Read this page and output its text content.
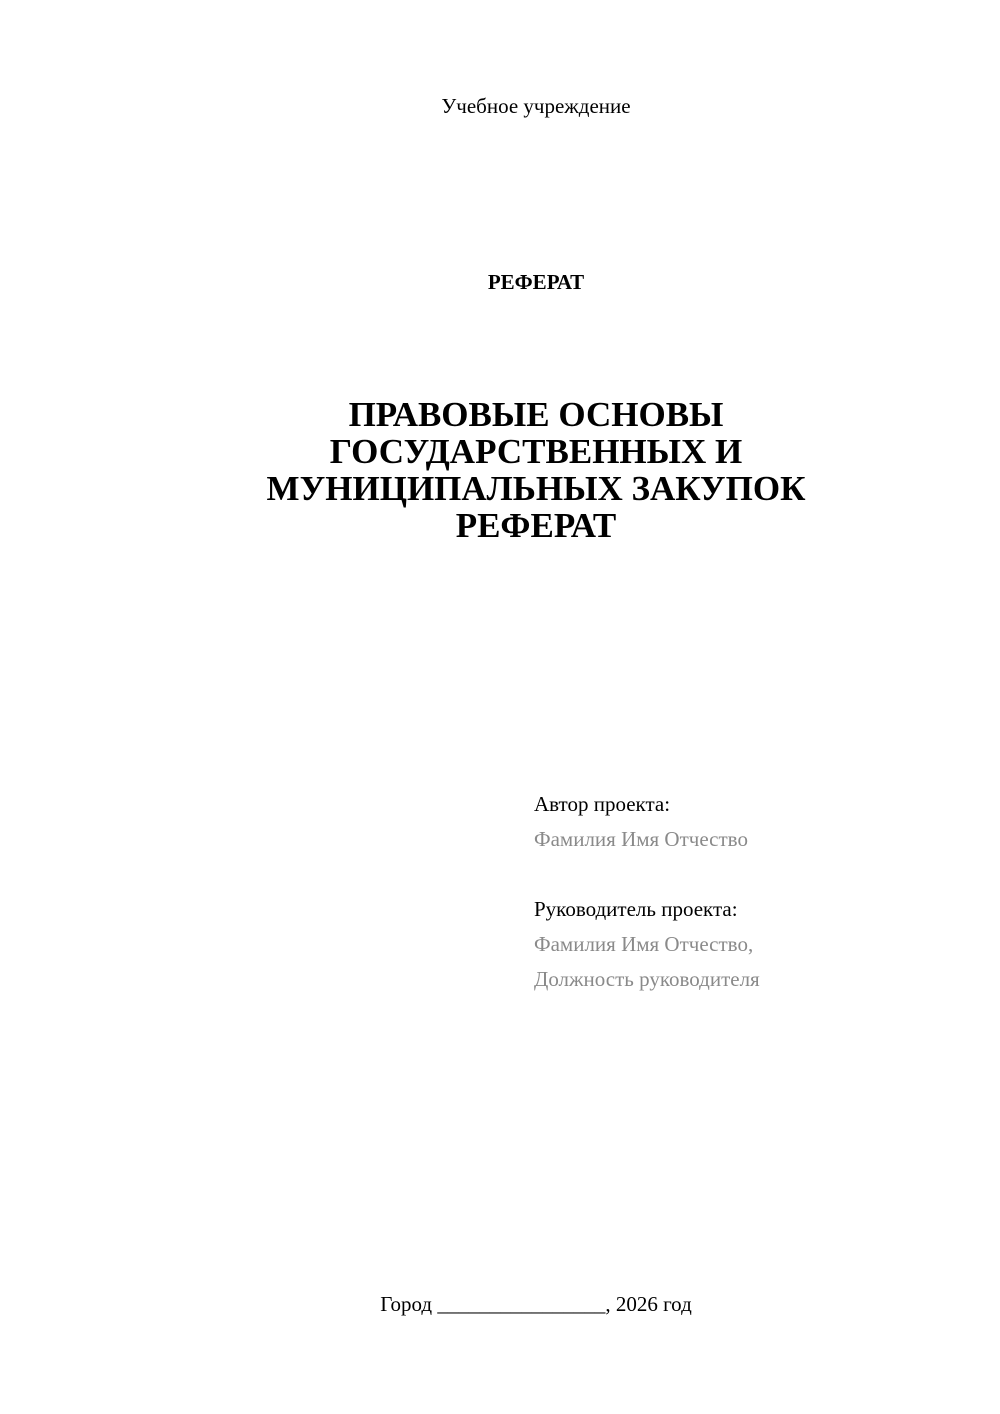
Учебное учреждение
РЕФЕРАТ
ПРАВОВЫЕ ОСНОВЫ
ГОСУДАРСТВЕННЫХ И
МУНИЦИПАЛЬНЫХ ЗАКУПОК
РЕФЕРАТ
Автор проекта:
Фамилия Имя Отчество
Руководитель проекта:
Фамилия Имя Отчество,
Должность руководителя
Город ________________, 2026 год
